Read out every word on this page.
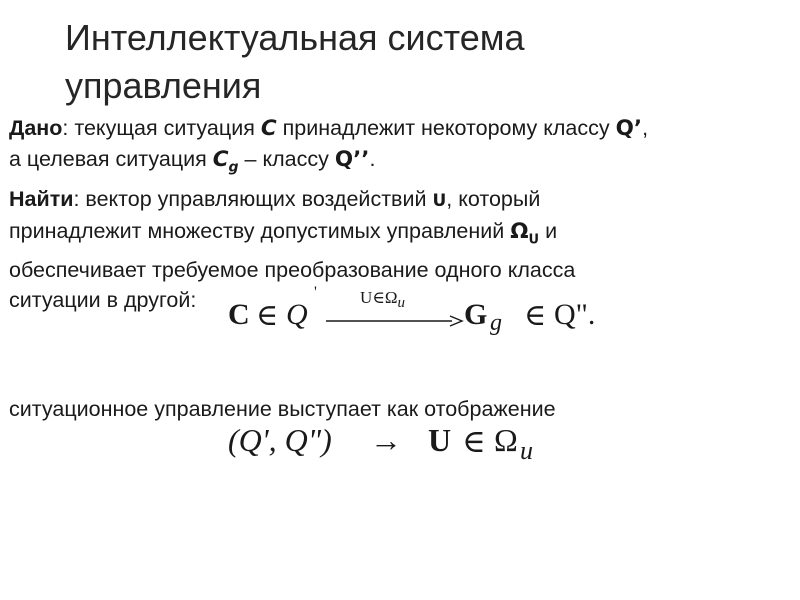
Интеллектуальная система
управления
Дано: текущая ситуация C принадлежит некоторому классу Q’,
а целевая ситуация $C_g$ – классу Q’’.
Найти: вектор управляющих воздействий U, который
принадлежит множеству допустимых управлений $\Omega_U$ и
обеспечивает требуемое преобразование одного класса
ситуации в другой:	C ∈ Q
'	U∈Ωu G g ∈ Q".
ситуационное управление выступает как отображение
(Q', Q") → U ∈ Ω u
